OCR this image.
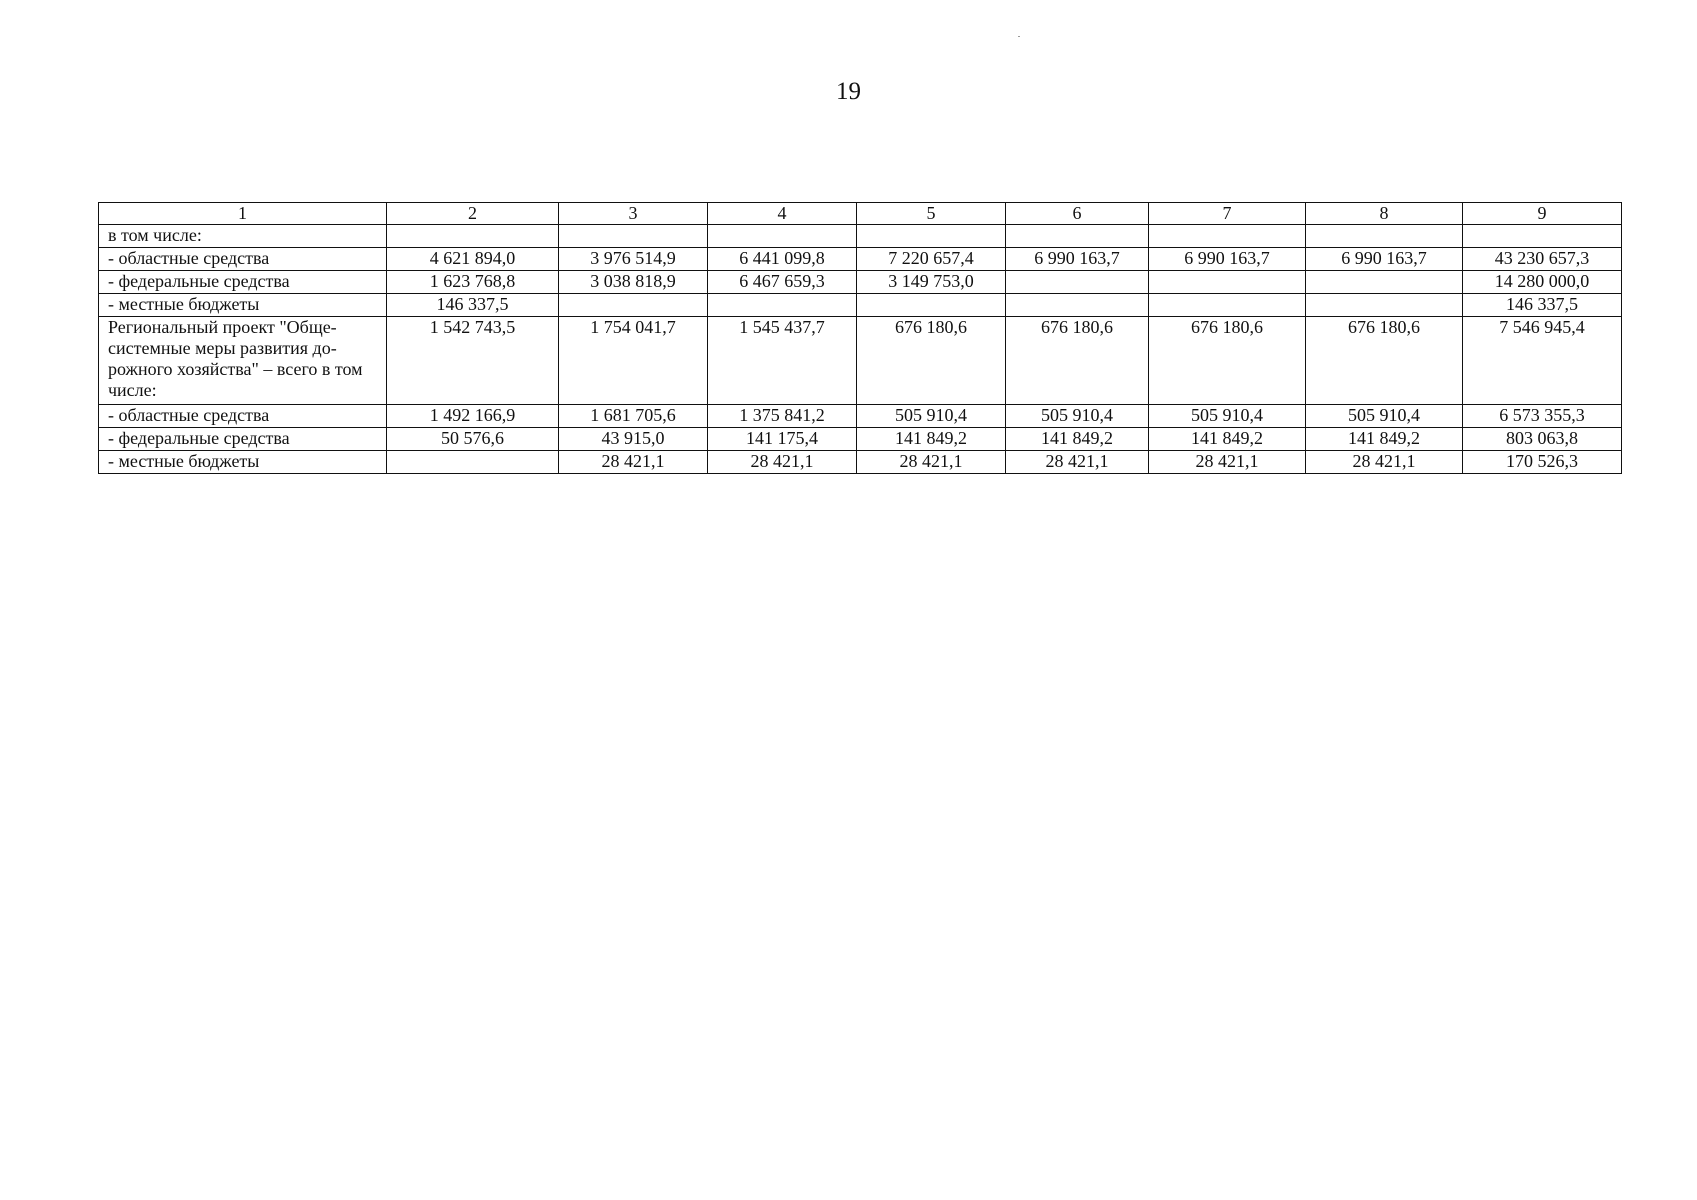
19
1	2	3	4	5	6	7	8	9
в том числе:								
- областные средства	4 621 894,0	3 976 514,9	6 441 099,8	7 220 657,4	6 990 163,7	6 990 163,7	6 990 163,7	43 230 657,3
- федеральные средства	1 623 768,8	3 038 818,9	6 467 659,3	3 149 753,0				14 280 000,0
- местные бюджеты	146 337,5							146 337,5
Региональный проект "Обще-системные меры развития до-рожного хозяйства" – всего в том числе:	1 542 743,5	1 754 041,7	1 545 437,7	676 180,6	676 180,6	676 180,6	676 180,6	7 546 945,4
- областные средства	1 492 166,9	1 681 705,6	1 375 841,2	505 910,4	505 910,4	505 910,4	505 910,4	6 573 355,3
- федеральные средства	50 576,6	43 915,0	141 175,4	141 849,2	141 849,2	141 849,2	141 849,2	803 063,8
- местные бюджеты		28 421,1	28 421,1	28 421,1	28 421,1	28 421,1	28 421,1	170 526,3
